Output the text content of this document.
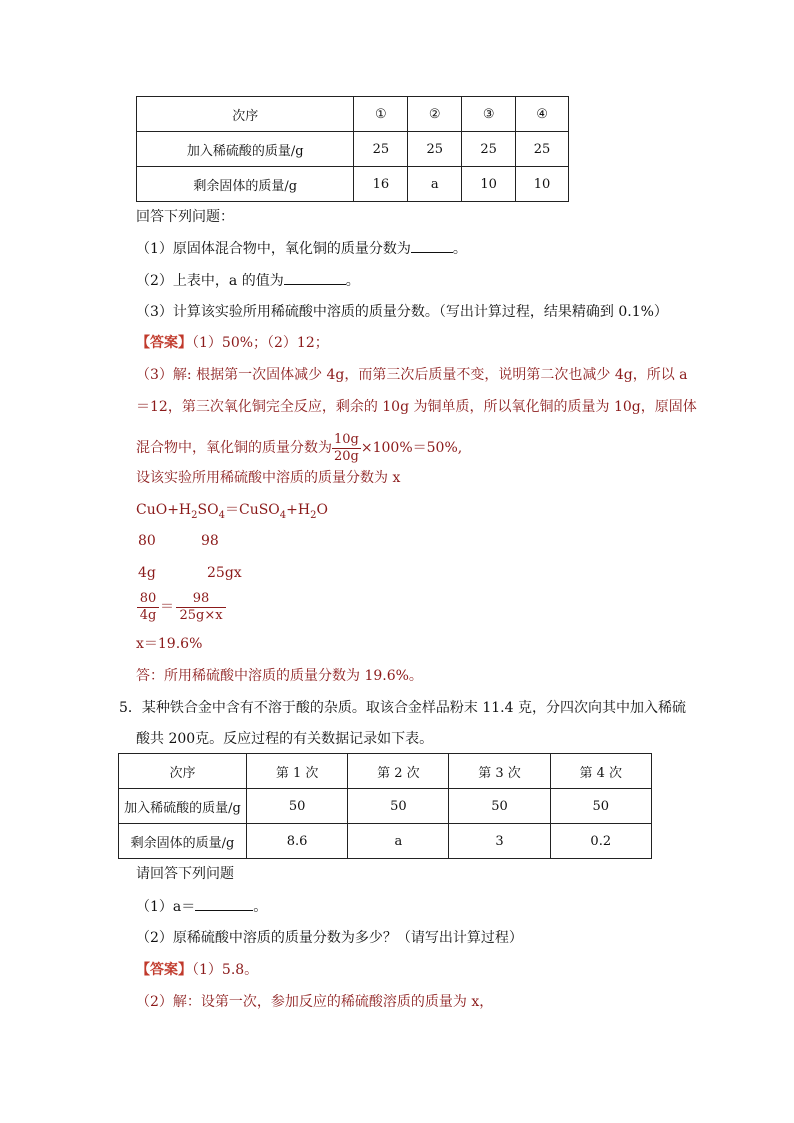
次序	①	②	③	④
加入稀硫酸的质量/g	25	25	25	25
剩余固体的质量/g	16	a	10	10
回答下列问题：
（1）原固体混合物中，氧化铜的质量分数为	。
（2）上表中，a 的值为	。
（3）计算该实验所用稀硫酸中溶质的质量分数。（写出计算过程，结果精确到 0.1%）
【答案】（1）50%；（2）12；
（3）解: 根据第一次固体减少 4g，而第三次后质量不变，说明第二次也减少 4g，所以 a
＝12，第三次氧化铜完全反应，剩余的 10g 为铜单质，所以氧化铜的质量为 10g，原固体
混合物中，氧化铜的质量分数为 $\frac{10g}{20g} \times 100\%=50\%$,
设该实验所用稀硫酸中溶质的质量分数为 x
$CuO+H_2SO_4=CuSO_4+H_2O$
80	98
4g	25gx
$\frac{80}{4g} = \frac{98}{25g\times x}$
x＝19.6%
答：所用稀硫酸中溶质的质量分数为 19.6%。
5．某种铁合金中含有不溶于酸的杂质。取该合金样品粉末 11.4 克，分四次向其中加入稀硫
酸共 200克。反应过程的有关数据记录如下表。
次序	第 1 次	第 2 次	第 3 次	第 4 次
加入稀硫酸的质量/g	50	50	50	50
剩余固体的质量/g	8.6	a	3	0.2
请回答下列问题
（1）a＝	。
（2）原稀硫酸中溶质的质量分数为多少？（请写出计算过程）
【答案】（1）5.8。
（2）解：设第一次，参加反应的稀硫酸溶质的质量为 x，
